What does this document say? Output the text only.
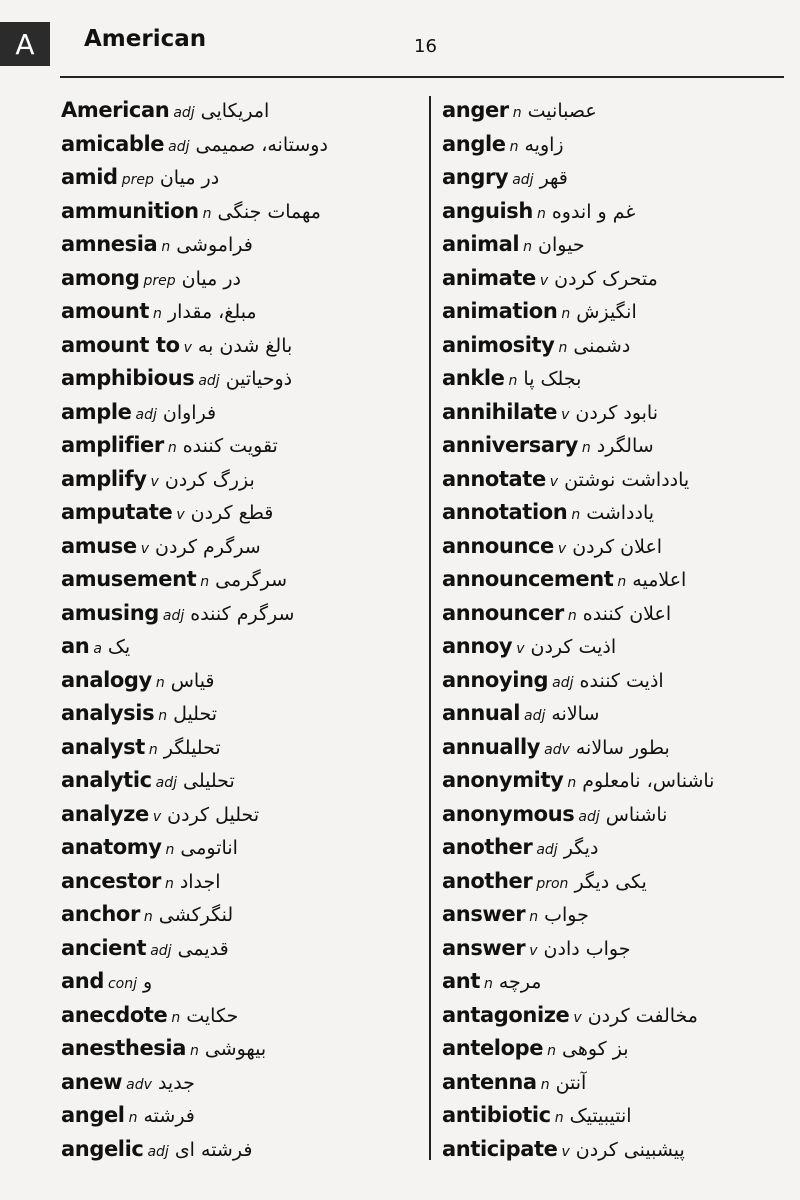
A American	16
American adj امریکایی
amicable adj دوستانه، صمیمی
amid prep در میان
ammunition n مهمات جنگی
amnesia n فراموشی
among prep در میان
amount n مبلغ، مقدار
amount to v بالغ شدن به
amphibious adj ذوحیاتین
ample adj فراوان
amplifier n تقویت کننده
amplify v بزرگ کردن
amputate v قطع کردن
amuse v سرگرم کردن
amusement n سرگرمی
amusing adj سرگرم کننده
an a یک
analogy n قیاس
analysis n تحلیل
analyst n تحلیلگر
analytic adj تحلیلی
analyze v تحلیل کردن
anatomy n اناتومی
ancestor n اجداد
anchor n لنگرکشی
ancient adj قدیمی
and conj و
anecdote n حکایت
anesthesia n بیهوشی
anew adv جدید
angel n فرشته
angelic adj فرشته ای
anger n عصبانیت
angle n زاویه
angry adj قهر
anguish n غم و اندوه
animal n حیوان
animate v متحرک کردن
animation n انگیزش
animosity n دشمنی
ankle n بجلک پا
annihilate v نابود کردن
anniversary n سالگرد
annotate v یادداشت نوشتن
annotation n یادداشت
announce v اعلان کردن
announcement n اعلامیه
announcer n اعلان کننده
annoy v اذیت کردن
annoying adj اذیت کننده
annual adj سالانه
annually adv بطور سالانه
anonymity n ناشناس، نامعلوم
anonymous adj ناشناس
another adj دیگر
another pron یکی دیگر
answer n جواب
answer v جواب دادن
ant n مرچه
antagonize v مخالفت کردن
antelope n بز کوهی
antenna n آنتن
antibiotic n انتیبیتیک
anticipate v پیشبینی کردن
